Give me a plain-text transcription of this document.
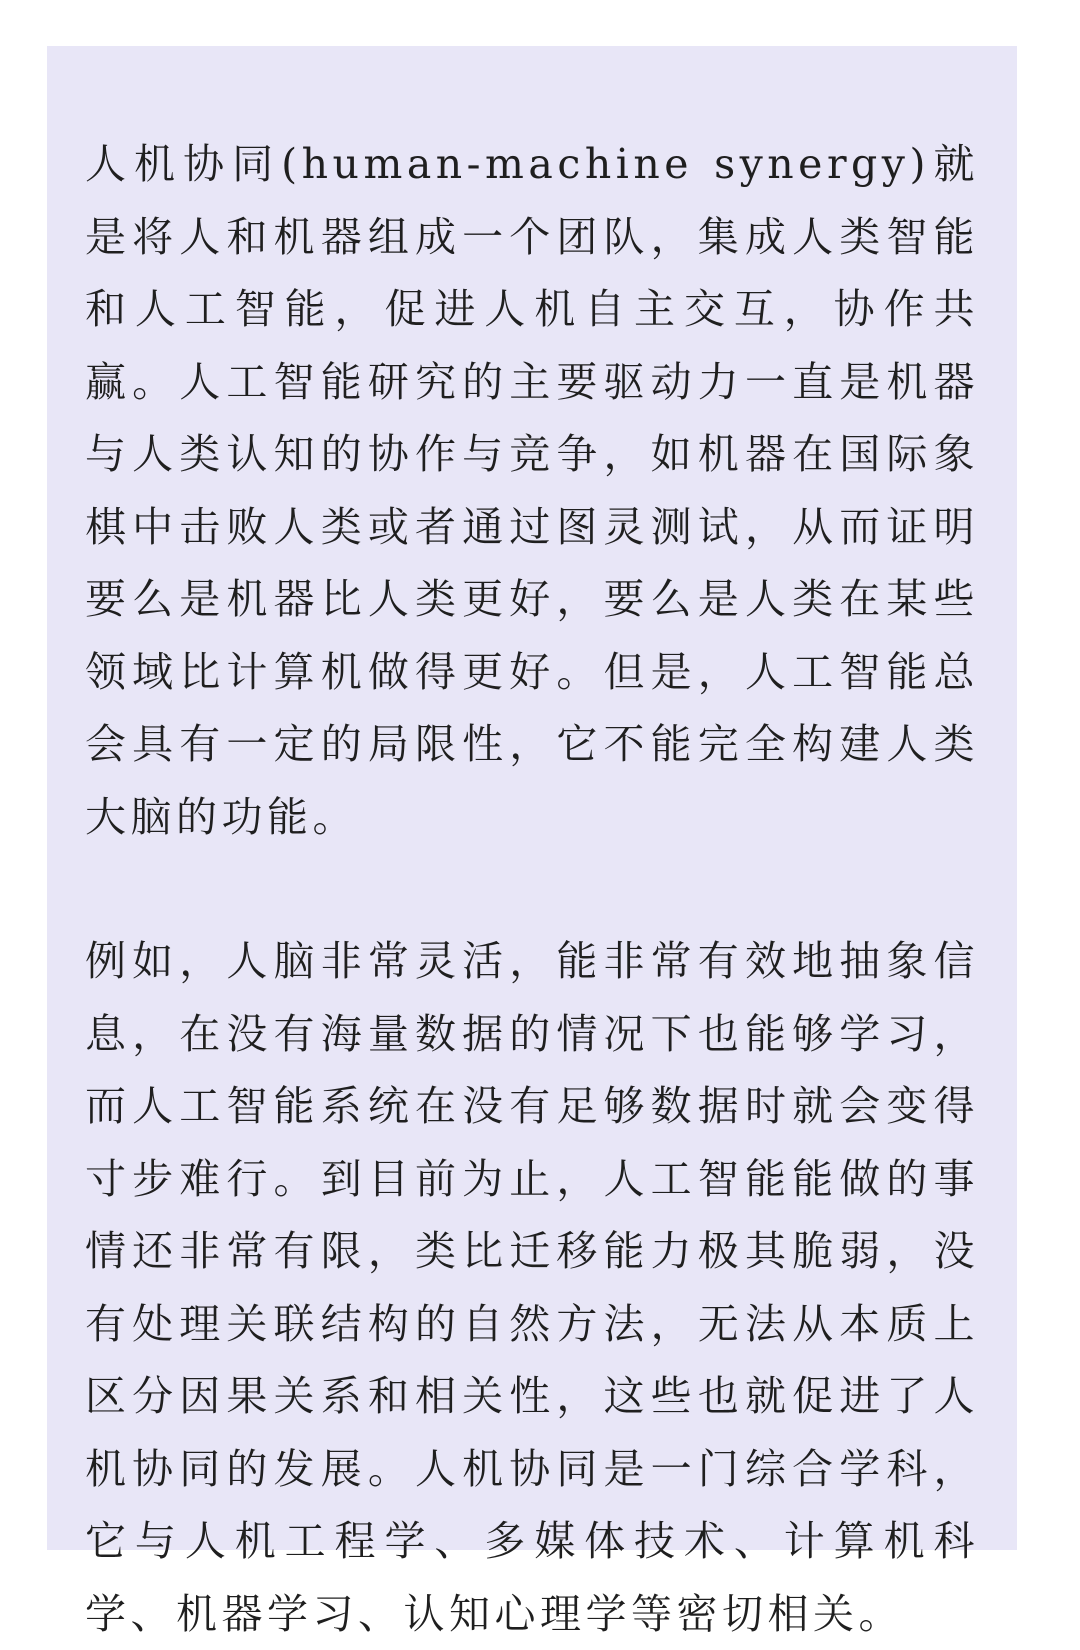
人机协同(human-machine synergy)就是将人和机器组成一个团队，集成人类智能和人工智能，促进人机自主交互，协作共赢。人工智能研究的主要驱动力一直是机器与人类认知的协作与竞争，如机器在国际象棋中击败人类或者通过图灵测试，从而证明要么是机器比人类更好，要么是人类在某些领域比计算机做得更好。但是，人工智能总会具有一定的局限性，它不能完全构建人类大脑的功能。

例如，人脑非常灵活，能非常有效地抽象信息，在没有海量数据的情况下也能够学习，而人工智能系统在没有足够数据时就会变得寸步难行。到目前为止，人工智能能做的事情还非常有限，类比迁移能力极其脆弱，没有处理关联结构的自然方法，无法从本质上区分因果关系和相关性，这些也就促进了人机协同的发展。人机协同是一门综合学科，它与人机工程学、多媒体技术、计算机科学、机器学习、认知心理学等密切相关。
